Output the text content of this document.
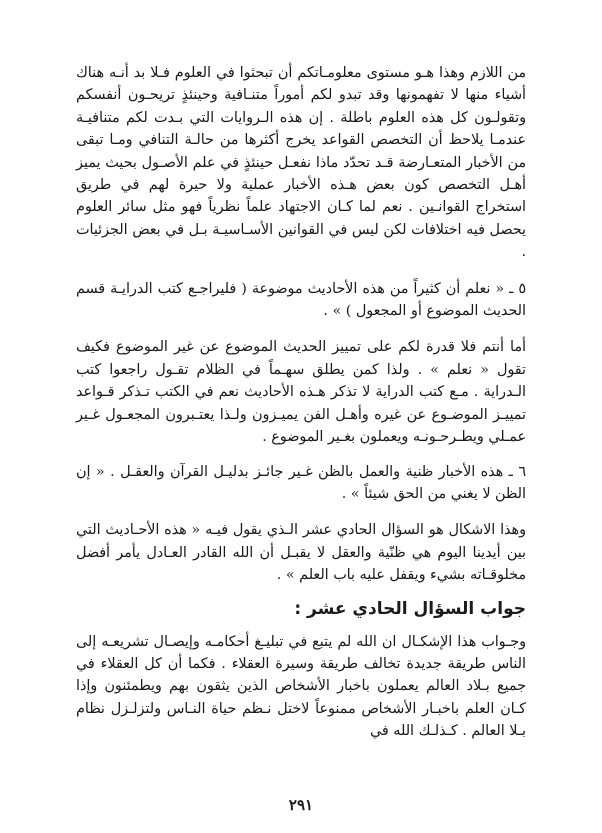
من اللازم وهذا هـو مستوى معلومـاتكم أن تبحثوا في العلوم فـلا بد أنـه هناك أشياء منها لا تفهمونها وقد تبدو لكم أموراً متنـافية وحينئذٍ تريحـون أنفسكم وتقولـون كل هذه العلوم باطلة . إن هذه الـروايات التي بـدت لكم متنافيـة عندمـا يلاحظ أن التخصص القواعد يخرج أكثرها من حالـة التنافي ومـا تبقى من الأخبار المتعـارضة قـد تحدّد ماذا نفعـل حينئذٍ في علم الأصـول بحيث يميز أهـل التخصص كون بعض هـذه الأخبار عملية ولا حيرة لهم في طريق استخراج القوانـين . نعم لما كـان الاجتهاد علماً نظرياً فهو مثل سائر العلوم يحصل فيه اختلافات لكن ليس في القوانين الأسـاسيـة بـل في بعض الجزئيات .

٥ ـ « نعلم أن كثيراً من هذه الأحاديث موضوعة ( فليراجـع كتب الدرايـة قسم الحديث الموضوع أو المجعول ) » .

أما أنتم فلا قدرة لكم على تمييز الحديث الموضوع عن غير الموضوع فكيف تقول « نعلم » . ولذا كمن يطلق سهـماً في الظلام تقـول راجعوا كتب الـدراية . مـع كتب الدراية لا تذكر هـذه الأحاديث نعم في الكتب تـذكر قـواعد تمييـز الموضـوع عن غيره وأهـل الفن يميـزون ولـذا يعتـبرون المجعـول غـير عمـلي ويطـرحـونـه ويعملون بغـير الموضوع .

٦ ـ هذه الأخبار ظنية والعمل بالظن غـير جائـز بدليـل القرآن والعقـل . « إن الظن لا يغني من الحق شيئاً » .

وهذا الاشكال هو السؤال الحادي عشر الـذي يقول فيـه « هذه الأحـاديث التي بين أيدينا اليوم هي ظنّية والعقل لا يقبـل أن الله القادر العـادل يأمر أفضل مخلوقـاته بشيء ويقفل عليه باب العلم » .

جواب السؤال الحادي عشر :

وجـواب هذا الإشكـال ان الله لم يتبع في تبليـغ أحكامـه وإيصـال تشريعـه إلى الناس طريقة جديدة تخالف طريقة وسيرة العقلاء . فكما أن كل العقلاء في جميع بـلاد العالم يعملون باخبار الأشخاص الذين يثقون بهم ويطمئنون وإذا كـان العلم باخبـار الأشخاص ممنوعاً لاختل نـظم حياة النـاس ولتزلـزل نظام بـلا العالم . كـذلـك الله في

٢٩١
